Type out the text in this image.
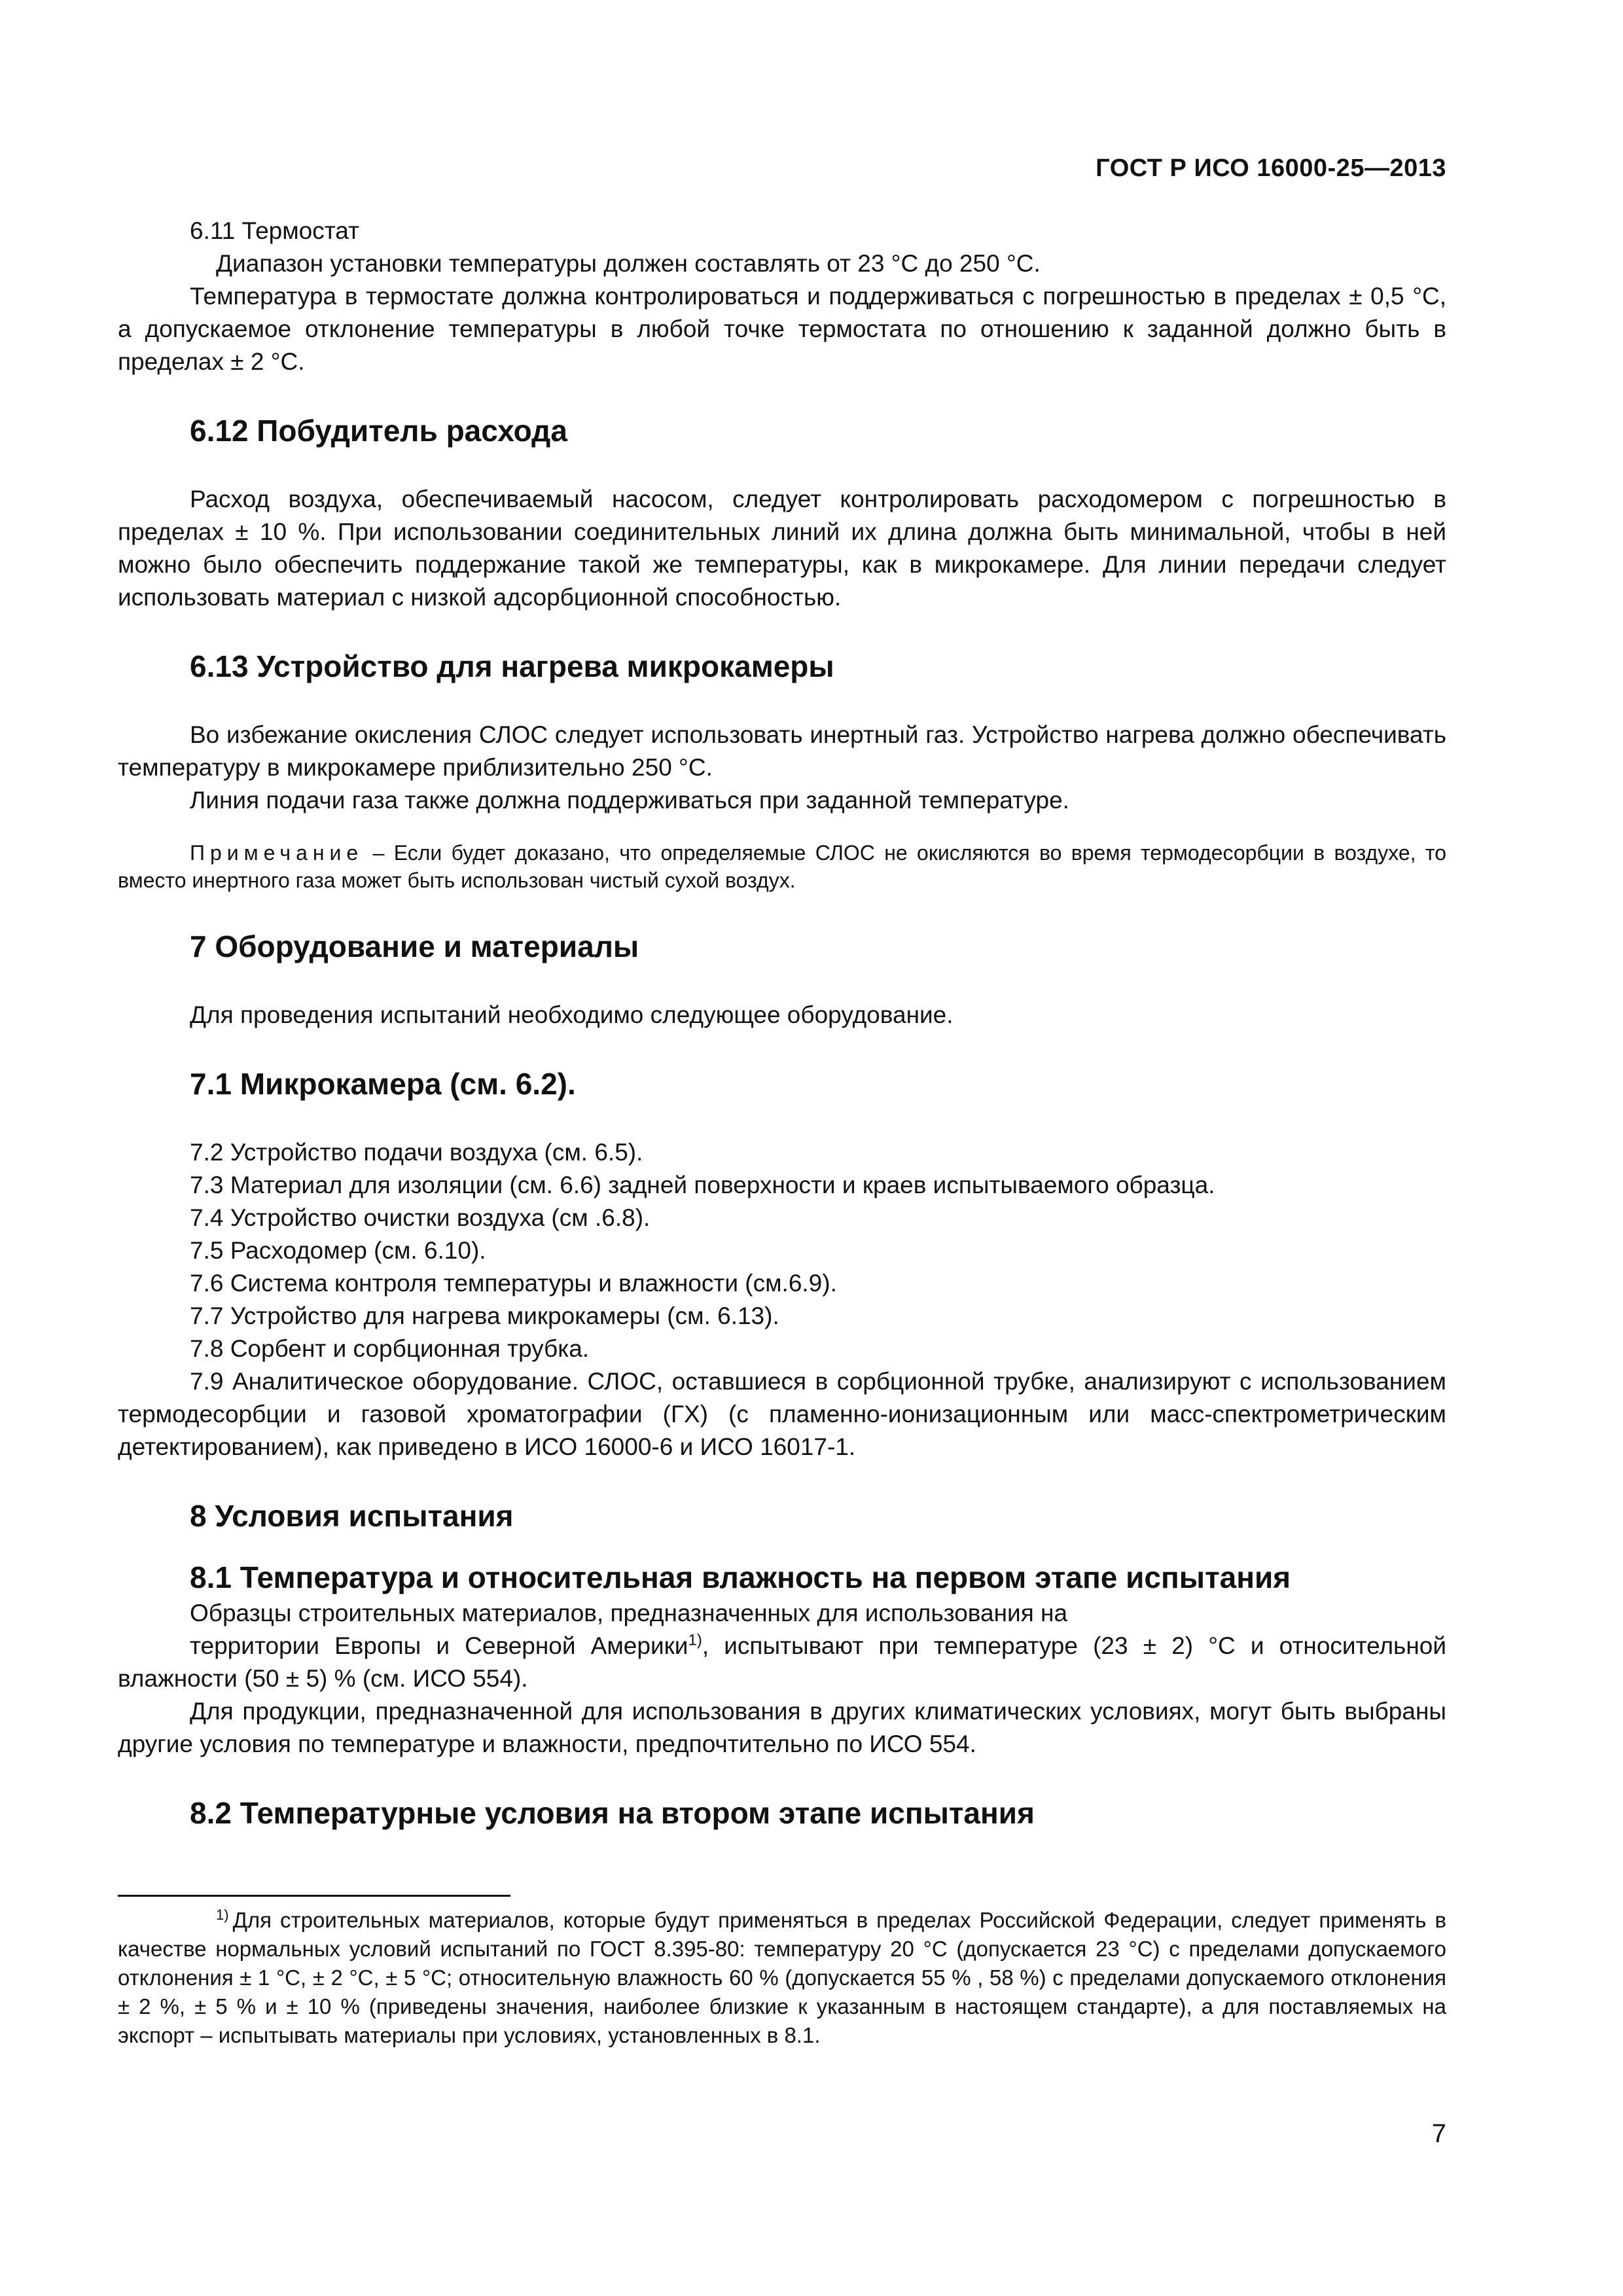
ГОСТ Р ИСО 16000-25—2013

6.11 Термостат

Диапазон установки температуры должен составлять от 23 °С до 250 °С.

Температура в термостате должна контролироваться и поддерживаться с погрешностью в пределах ± 0,5 °С, а допускаемое отклонение температуры в любой точке термостата по отношению к заданной должно быть в пределах ± 2 °С.

6.12 Побудитель расхода

Расход воздуха, обеспечиваемый насосом, следует контролировать расходомером с погрешностью в пределах ± 10 %. При использовании соединительных линий их длина должна быть минимальной, чтобы в ней можно было обеспечить поддержание такой же температуры, как в микрокамере. Для линии передачи следует использовать материал с низкой адсорбционной способностью.

6.13 Устройство для нагрева микрокамеры

Во избежание окисления СЛОС следует использовать инертный газ. Устройство нагрева должно обеспечивать температуру в микрокамере приблизительно 250 °С.

Линия подачи газа также должна поддерживаться при заданной температуре.

Примечание – Если будет доказано, что определяемые СЛОС не окисляются во время термодесорбции в воздухе, то вместо инертного газа может быть использован чистый сухой воздух.

7 Оборудование и материалы

Для проведения испытаний необходимо следующее оборудование.

7.1 Микрокамера (см. 6.2).

7.2 Устройство подачи воздуха (см. 6.5).

7.3 Материал для изоляции (см. 6.6) задней поверхности и краев испытываемого образца.

7.4 Устройство очистки воздуха (см .6.8).

7.5 Расходомер (см. 6.10).

7.6 Система контроля температуры и влажности (см.6.9).

7.7 Устройство для нагрева микрокамеры (см. 6.13).

7.8 Сорбент и сорбционная трубка.

7.9 Аналитическое оборудование. СЛОС, оставшиеся в сорбционной трубке, анализируют с использованием термодесорбции и газовой хроматографии (ГХ) (с пламенно-ионизационным или масс-спектрометрическим детектированием), как приведено в ИСО 16000-6 и ИСО 16017-1.

8 Условия испытания
8.1 Температура и относительная влажность на первом этапе испытания

Образцы строительных материалов, предназначенных для использования на

территории Европы и Северной Америки$^{1)}$, испытывают при температуре (23 ± 2) °С и относительной влажности (50 ± 5) % (см. ИСО 554).

Для продукции, предназначенной для использования в других климатических условиях, могут быть выбраны другие условия по температуре и влажности, предпочтительно по ИСО 554.

8.2 Температурные условия на втором этапе испытания

$^{1)}$ Для строительных материалов, которые будут применяться в пределах Российской Федерации, следует применять в качестве нормальных условий испытаний по ГОСТ 8.395-80: температуру 20 °С (допускается 23 °С) с пределами допускаемого отклонения ± 1 °С, ± 2 °С, ± 5 °С; относительную влажность 60 % (допускается 55 % , 58 %) с пределами допускаемого отклонения ± 2 %, ± 5 % и ± 10 % (приведены значения, наиболее близкие к указанным в настоящем стандарте), а для поставляемых на экспорт – испытывать материалы при условиях, установленных в 8.1.

7
